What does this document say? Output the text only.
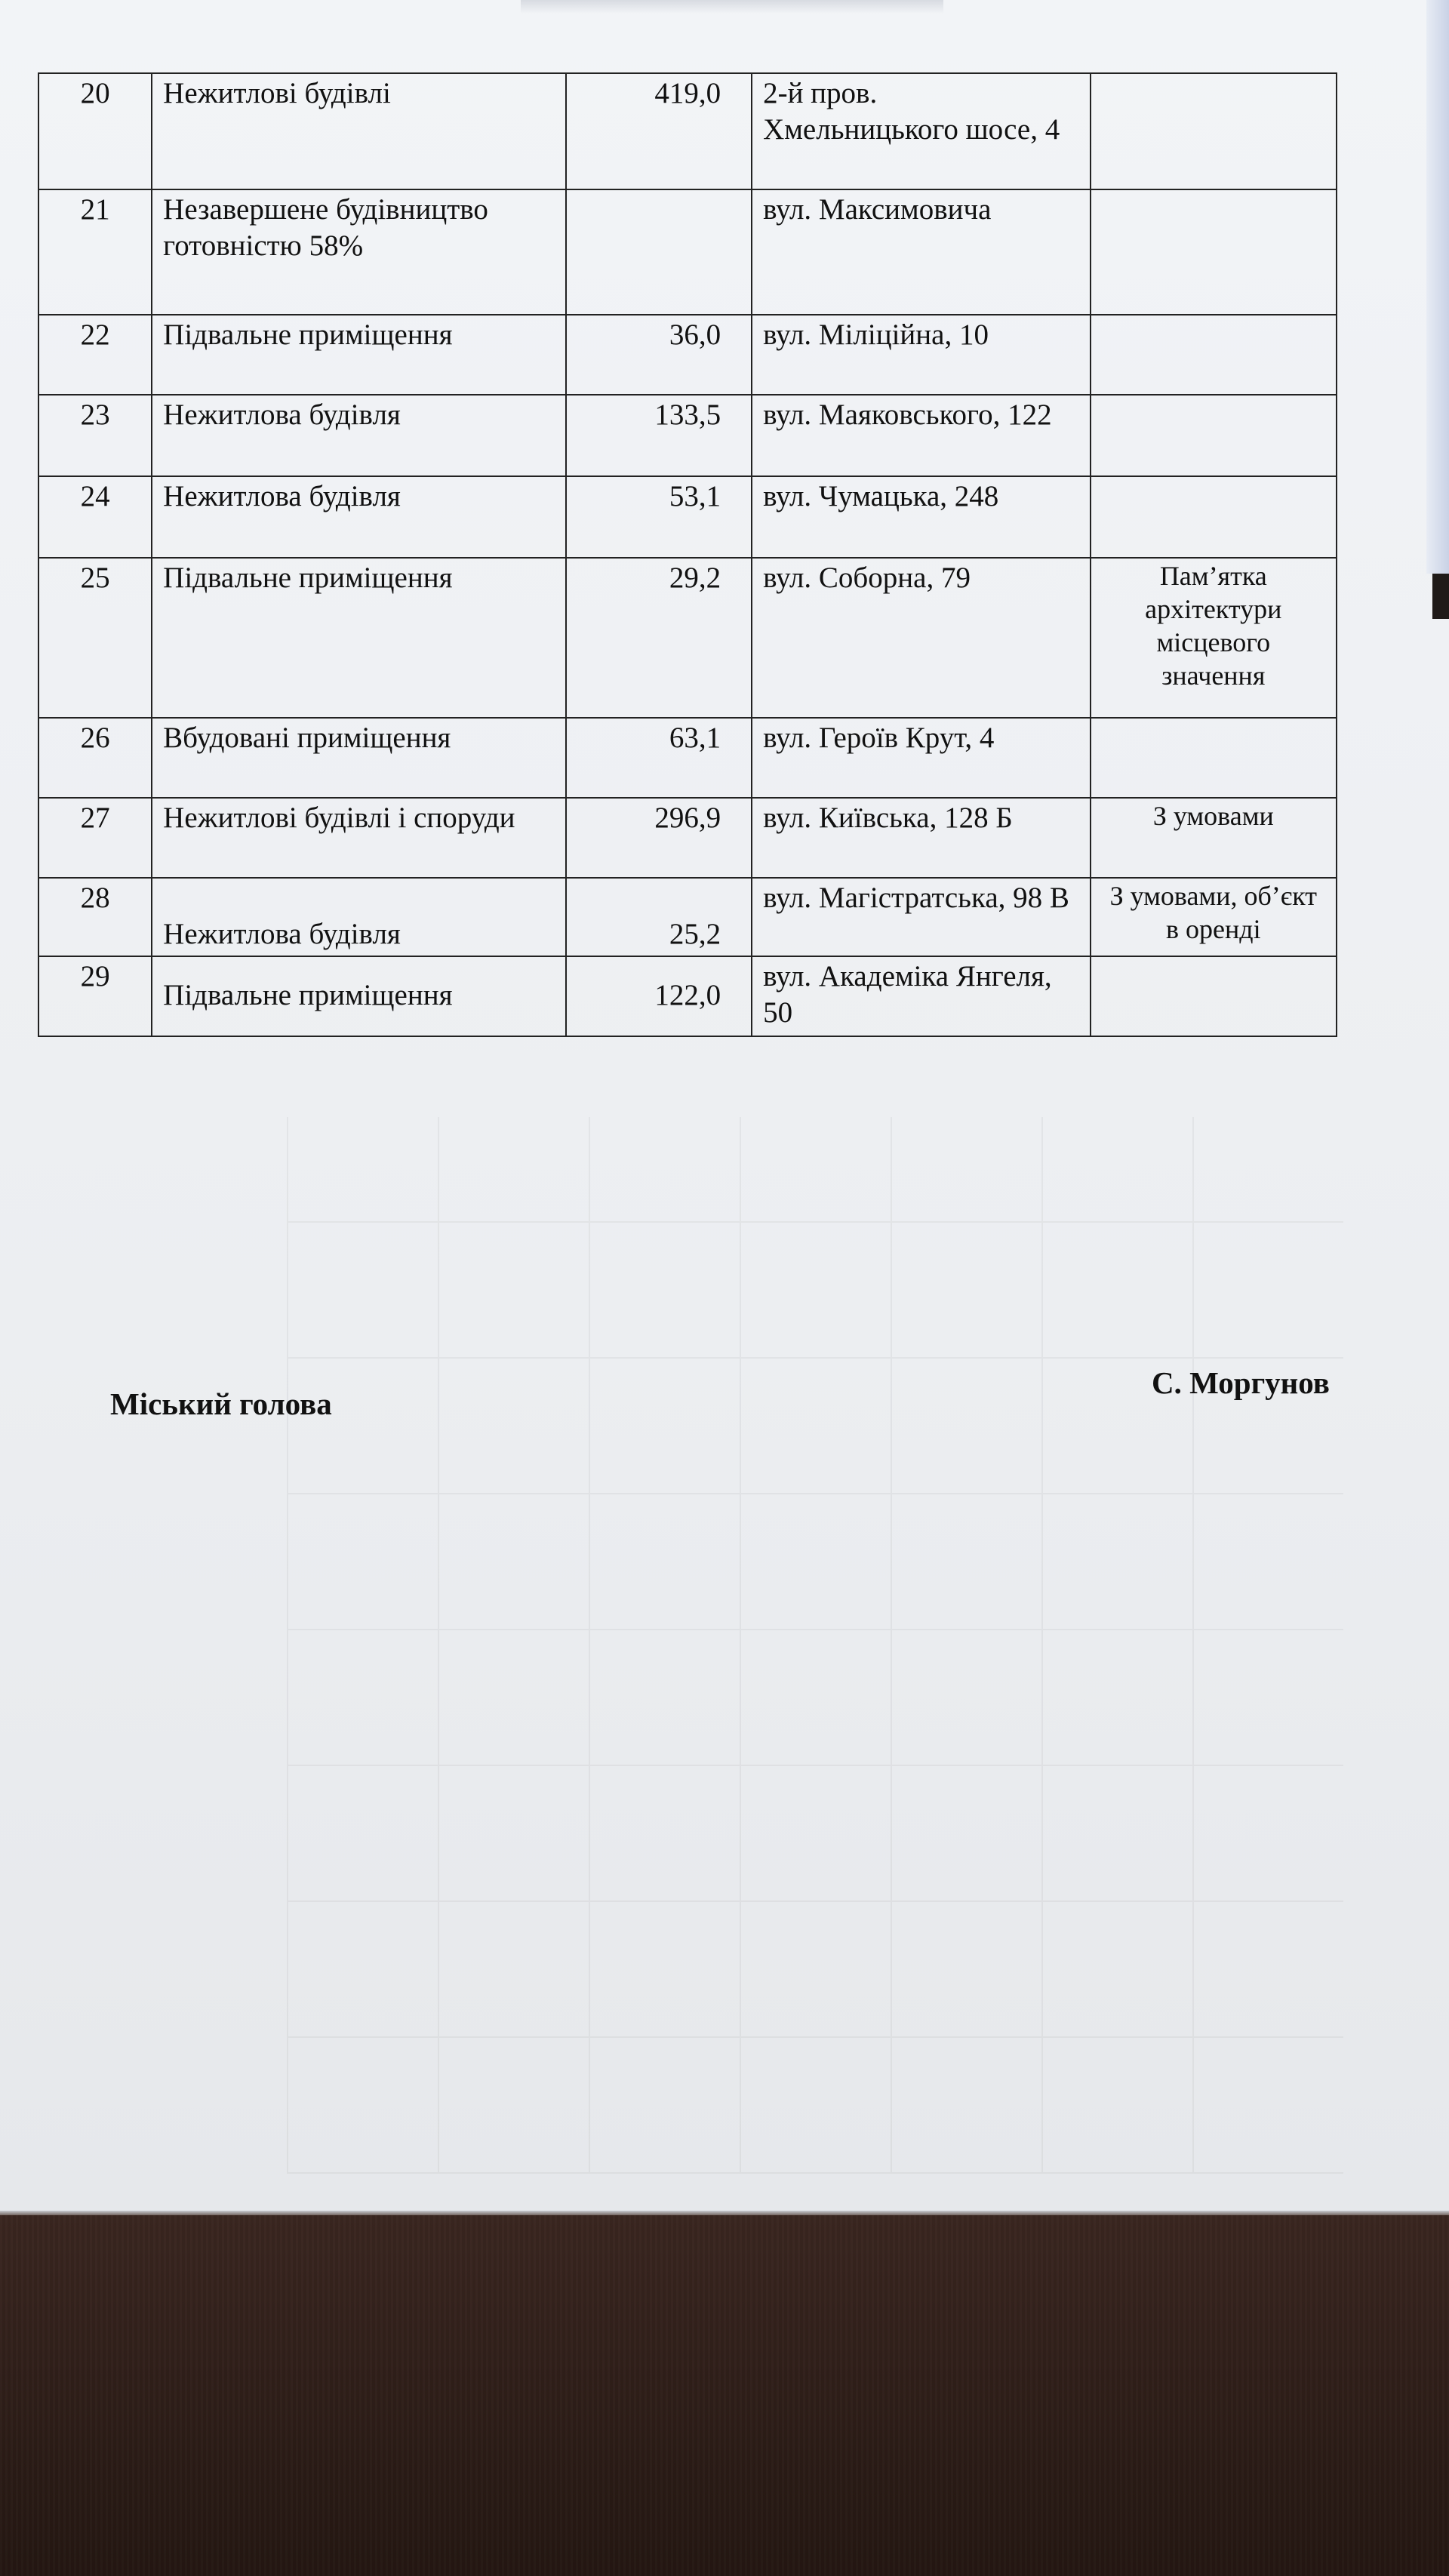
20	Нежитлові будівлі	419,0	2-й пров. Хмельницького шосе, 4	
21	Незавершене будівництво готовністю 58%		вул. Максимовича	
22	Підвальне приміщення	36,0	вул. Міліційна, 10	
23	Нежитлова будівля	133,5	вул. Маяковського, 122	
24	Нежитлова будівля	53,1	вул. Чумацька, 248	
25	Підвальне приміщення	29,2	вул. Соборна, 79	Пам’ятка архітектури місцевого значення
26	Вбудовані приміщення	63,1	вул. Героїв Крут, 4	
27	Нежитлові будівлі і споруди	296,9	вул. Київська, 128 Б	З умовами
28	Нежитлова будівля	25,2	вул. Магістратська, 98 В	З умовами, об’єкт в оренді
29	Підвальне приміщення	122,0	вул. Академіка Янгеля, 50	
Міський голова
С. Моргунов
